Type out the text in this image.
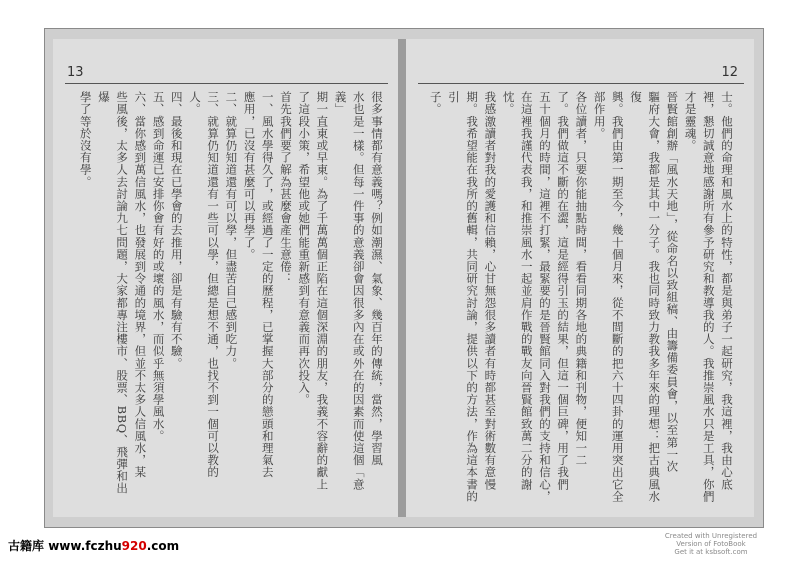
13

很多事情都有意義嗎？例如潮濕、氣象、幾百年的傳統，當然，學習風

水也是一樣。但每一件事的意義卻會因很多內在或外在的因素而使這個「意義」

期一直東或早東。為了千萬萬個正陷在這個深淵的朋友，我義不容辭的獻上

了這段小策，希望他或她們能重新感到有意義而再次投入。

首先我們要了解為甚麼會產生意倦：

一、風水學得久了，或經過了一定的歷程，已掌握大部分的戀頭和理氣去

應用，已沒有甚麼可以再學了。

二、就算仍知道還有可以學，但盡苦自己感到吃力。

三、就算仍知道還有一些可以學，但總是想不通，也找不到一個可以教的

人。

四、最後和現在已學會的去推用，卻是有驗有不驗。

五、感到命運已安排你會有好的或壞的風水，而似乎無須學風水。

六、當你感到萬信風水，也發展到令通的境界，但並不太多人信風水，某

些風後，太多人去討論九七問題，大家都專注樓市、股票、BBQ、飛彈和出爆

學了等於沒有學。

12

士。他們的命理和風水上的特性，都是與弟子一起研究，我這裡，我由心底

裡，懇切誠意地感謝所有參予研究和教導我的人。我推崇風水只是工具，你們

才是靈魂。

晉賢館創辦「風水天地」，從命名以致組稿、由籌備委員會，以至第一次

驅府大會，我都是其中一分子。我也同時致力教我多年來的理想：把古典風水復

興。我們由第一期至今，幾十個月來，從不間斷的把六十四卦的運用突出它全

部作用。

各位讀者，只要你能抽點時間，看看同期各地的典籍和刊物，便知一二

了。我們做這不斷的在澀，這是經得引玉的結果，但這一個巨碑，用了我們

五十個月的時間，這裡不打緊，最緊要的是晉賢館同入對我們的支持和信心，

在這裡我謹代表我，和推崇風水一起並肩作戰的戰友向晉賢館致萬二分的謝

忱。

我感激讀者對我的愛護和信賴，心甘無怨很多讀者有時都甚至對術數有意慢

期。我希望能在我所的舊輯，共同研究討論，提供以下的方法，作為這本書的引

子。

古籍库 www.fczhu920.com
Created with Unregistered
Version of FotoBook
Get it at ksbsoft.com
